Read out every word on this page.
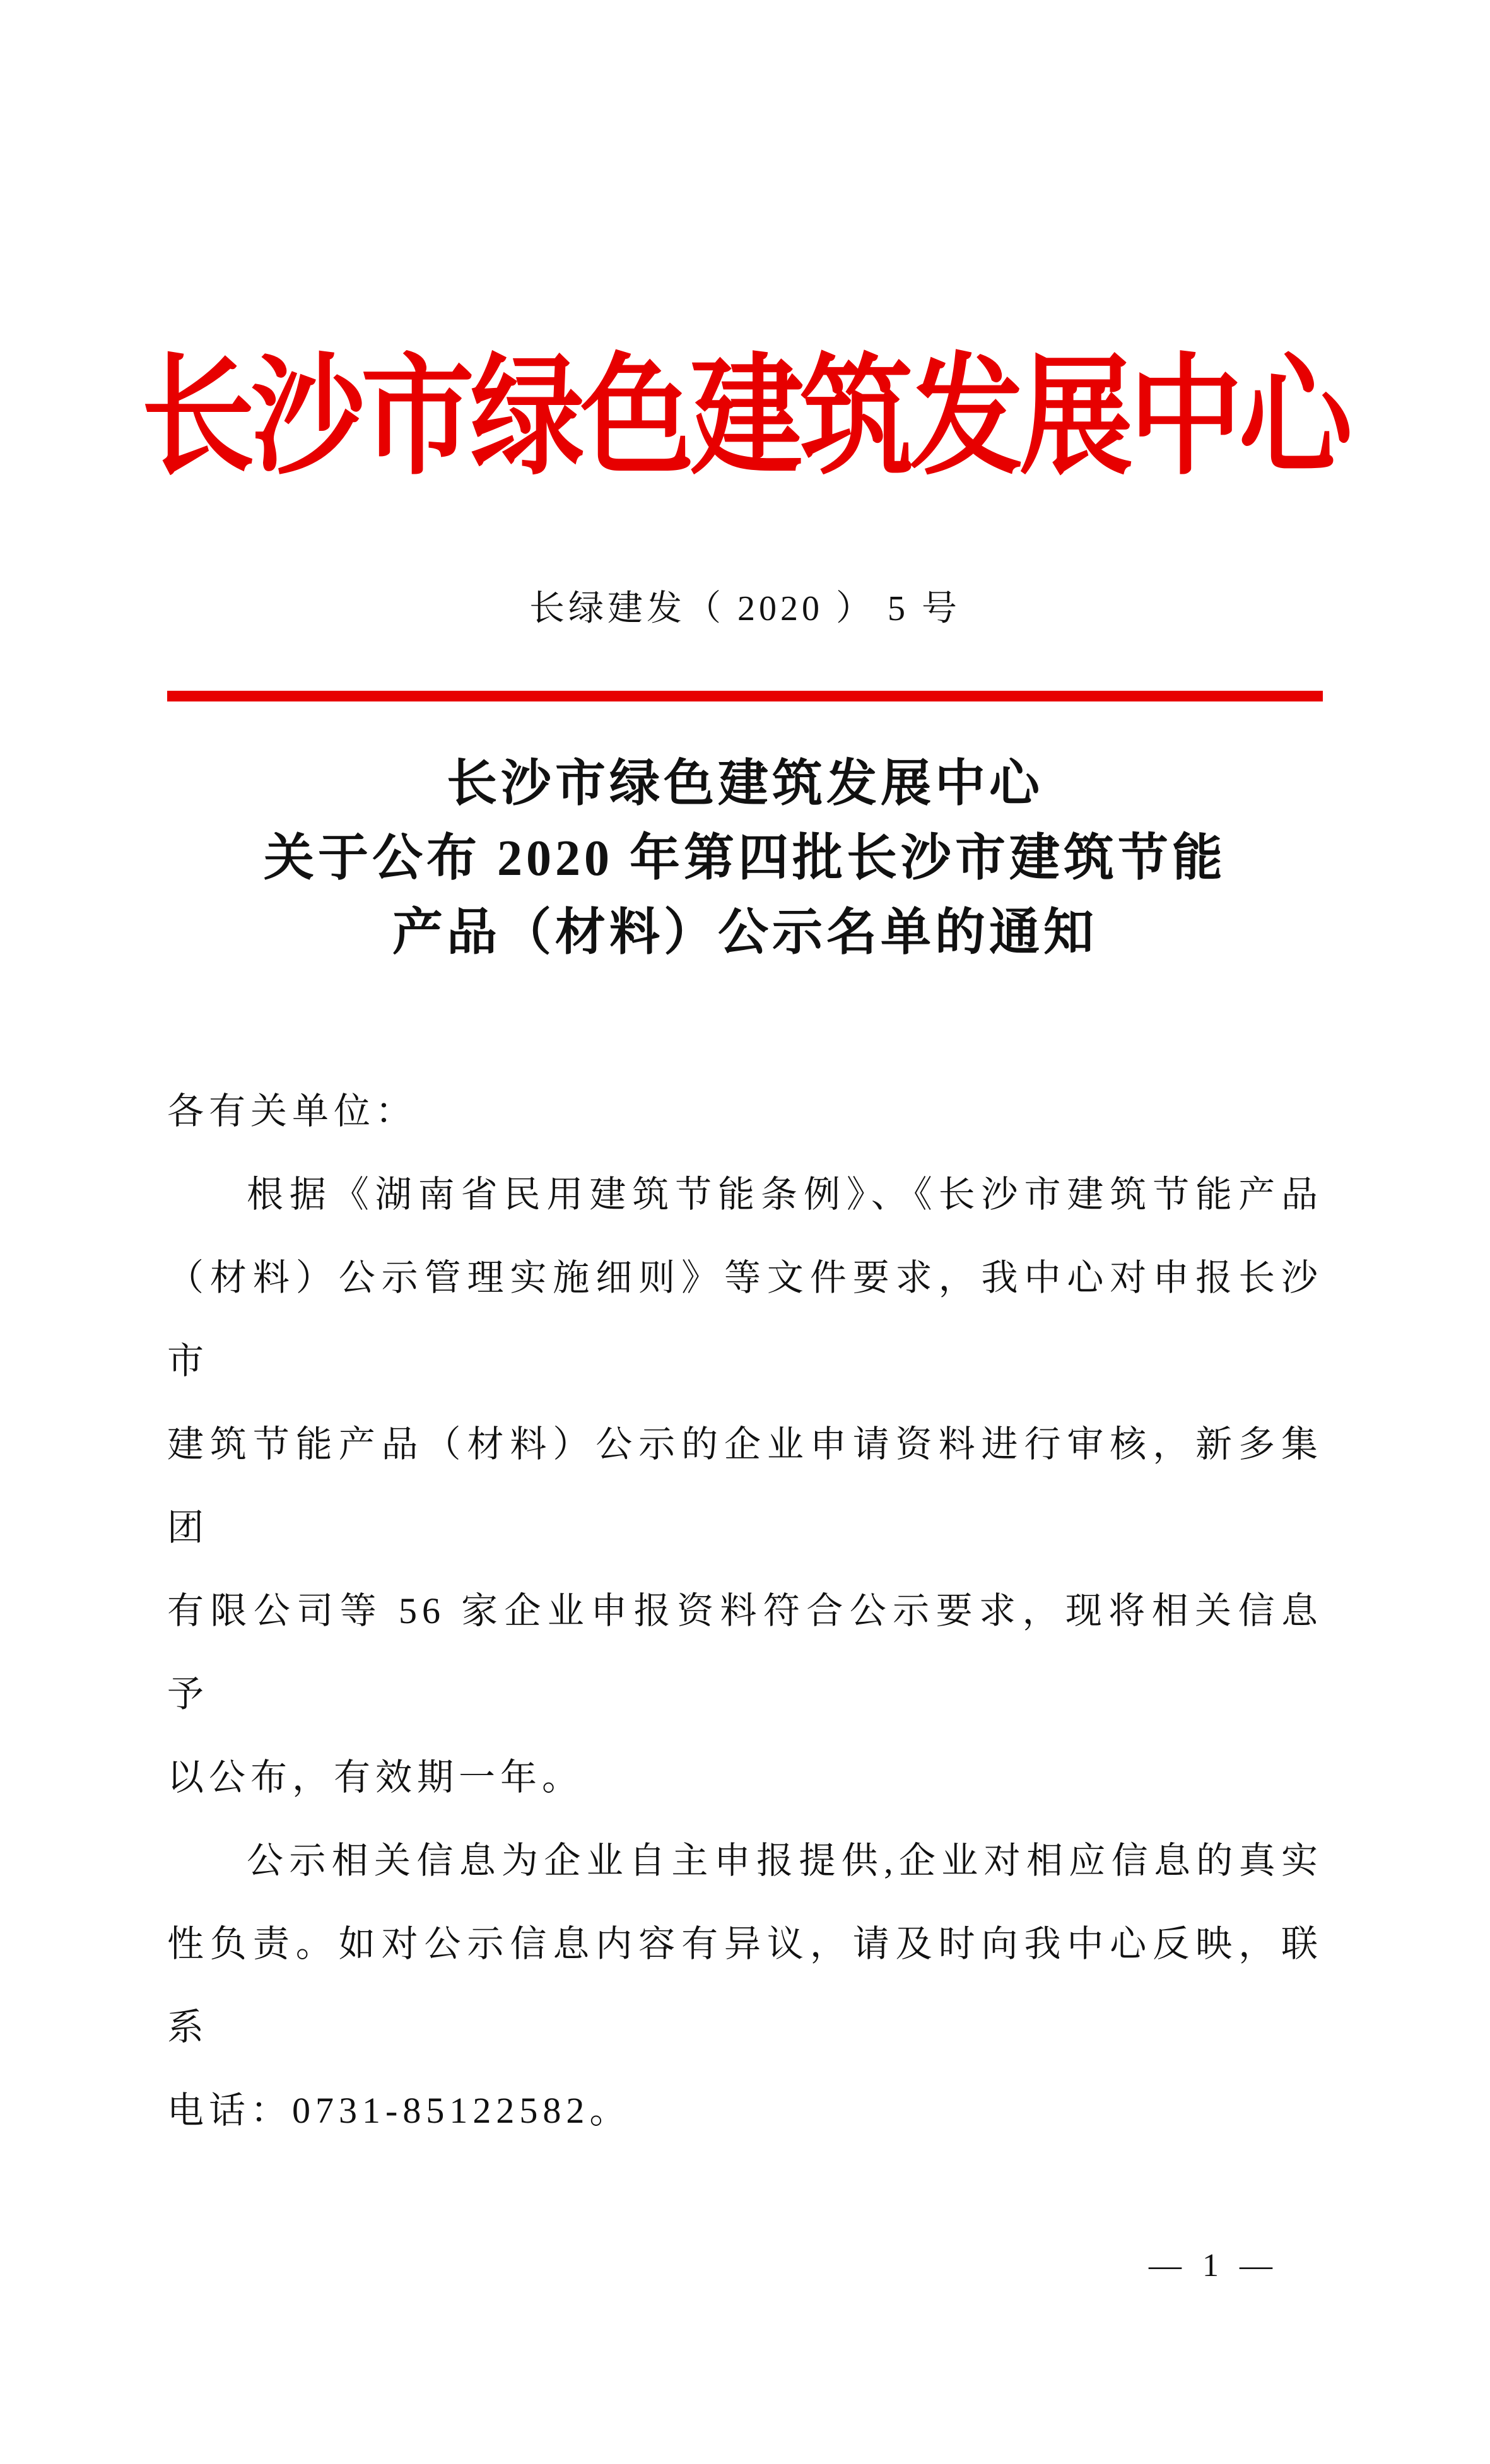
长沙市绿色建筑发展中心
长绿建发（ 2020 ） 5 号
长沙市绿色建筑发展中心
关于公布 2020 年第四批长沙市建筑节能
产品（材料）公示名单的通知
各有关单位：
根据《湖南省民用建筑节能条例》、《长沙市建筑节能产品
（材料）公示管理实施细则》等文件要求，我中心对申报长沙市
建筑节能产品（材料）公示的企业申请资料进行审核，新多集团
有限公司等 56 家企业申报资料符合公示要求，现将相关信息予
以公布，有效期一年。
公示相关信息为企业自主申报提供,企业对相应信息的真实
性负责。如对公示信息内容有异议，请及时向我中心反映，联系
电话：0731-85122582。
— 1 —
